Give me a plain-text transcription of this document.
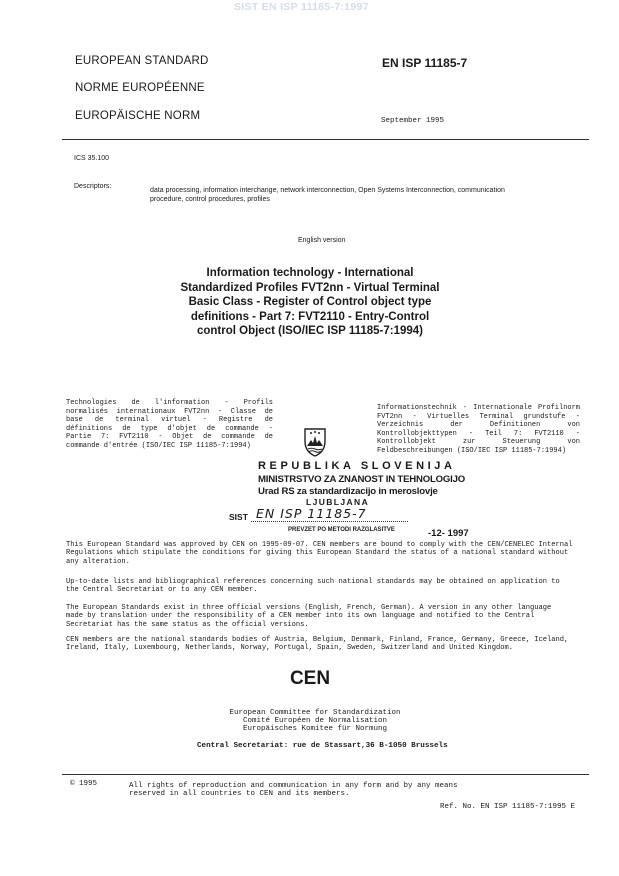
SIST EN ISP 11185-7:1997
EUROPEAN STANDARD
NORME EUROPÉENNE
EUROPÄISCHE NORM
EN ISP 11185-7
September 1995
ICS 35.100
Descriptors:
data processing, information interchange, network interconnection, Open Systems Interconnection, communication
procedure, control procedures, profiles
English version
Information technology - International
Standardized Profiles FVT2nn - Virtual Terminal
Basic Class - Register of Control object type
definitions - Part 7: FVT2110 - Entry-Control
control Object (ISO/IEC ISP 11185-7:1994)
Technologies de l'information - Profils
normalisés internationaux FVT2nn - Classe de
base de terminal virtuel - Registre de
définitions de type d'objet de commande -
Partie 7: FVT2110 - Objet de commande de
commande d'entrée (ISO/IEC ISP 11185-7:1994)
Informationstechnik - Internationale Profilnorm
FVT2nn - Virtuelles Terminal grundstufe -
Verzeichnis der Definitionen von
Kontrollobjekttypen - Teil 7: FVT2110 -
Kontrollobjekt zur Steuerung von
Feldbeschreibungen (ISO/IEC ISP 11185-7:1994)
REPUBLIKA SLOVENIJA
MINISTRSTVO ZA ZNANOST IN TEHNOLOGIJO
Urad RS za standardizacijo in meroslovje
LJUBLJANA
SIST EN ISP 11185-7
PREVZET PO METODI RAZGLASITVE	-12- 1997
This European Standard was approved by CEN on 1995-09-07. CEN members are bound to comply with the CEN/CENELEC Internal
Regulations which stipulate the conditions for giving this European Standard the status of a national standard without
any alteration.
Up-to-date lists and bibliographical references concerning such national standards may be obtained on application to
the Central Secretariat or to any CEN member.
The European Standards exist in three official versions (English, French, German). A version in any other language
made by translation under the responsibility of a CEN member into its own language and notified to the Central
Secretariat has the same status as the official versions.
CEN members are the national standards bodies of Austria, Belgium, Denmark, Finland, France, Germany, Greece, Iceland,
Ireland, Italy, Luxembourg, Netherlands, Norway, Portugal, Spain, Sweden, Switzerland and United Kingdom.
CEN
European Committee for Standardization
Comité Européen de Normalisation
Europäisches Komitee für Normung
Central Secretariat: rue de Stassart,36 B-1050 Brussels
© 1995	All rights of reproduction and communication in any form and by any means
reserved in all countries to CEN and its members.
Ref. No. EN ISP 11185-7:1995 E
